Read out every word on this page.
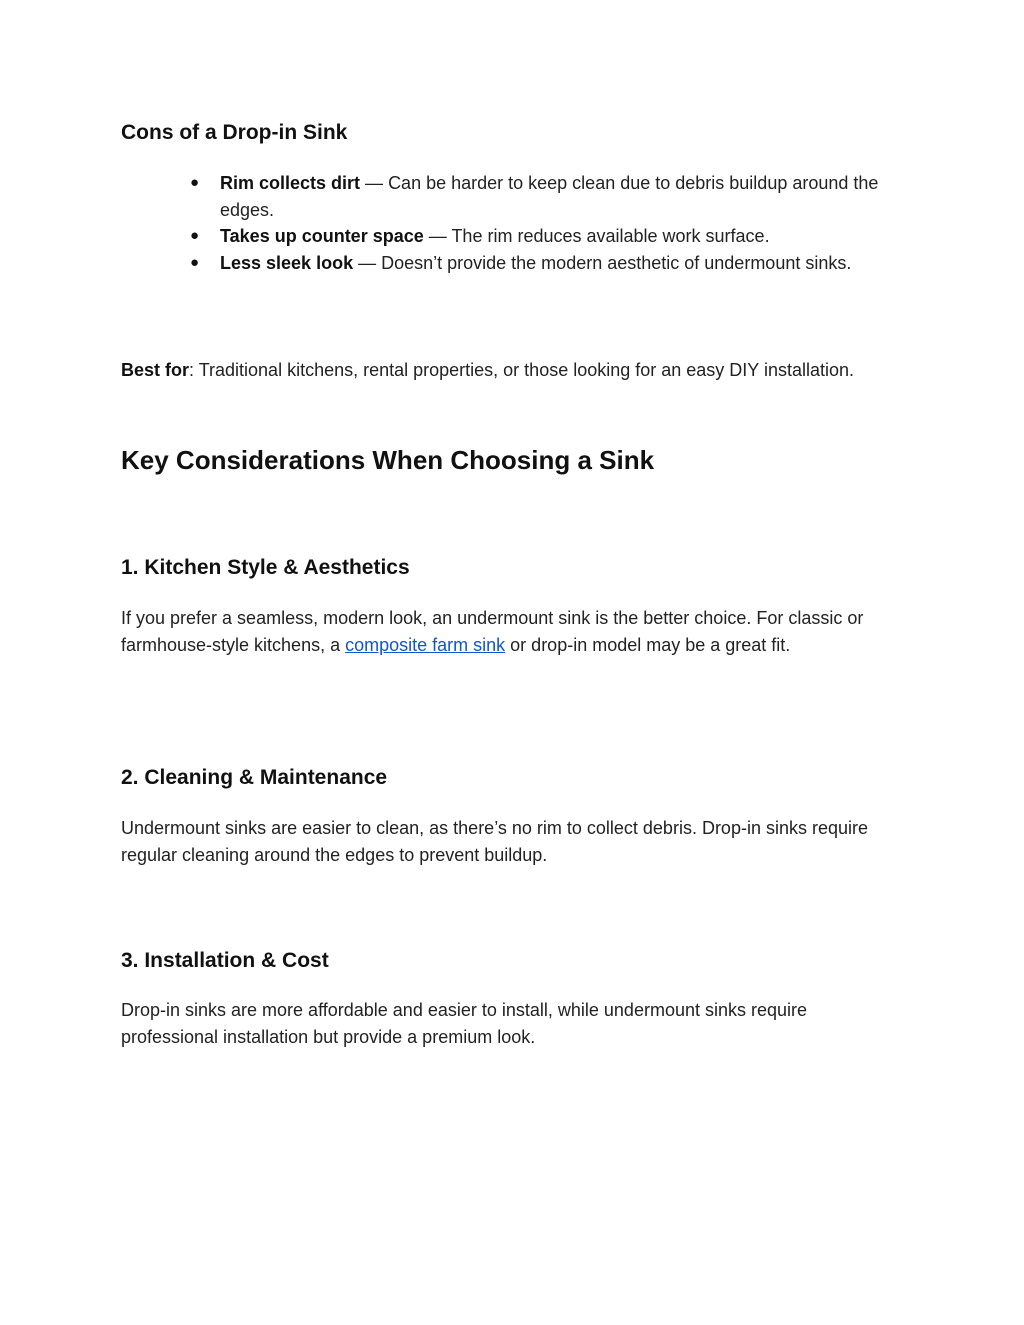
Cons of a Drop-in Sink
● Rim collects dirt — Can be harder to keep clean due to debris buildup around the edges.
● Takes up counter space — The rim reduces available work surface.
● Less sleek look — Doesn’t provide the modern aesthetic of undermount sinks.

Best for: Traditional kitchens, rental properties, or those looking for an easy DIY installation.

Key Considerations When Choosing a Sink
1. Kitchen Style & Aesthetics

If you prefer a seamless, modern look, an undermount sink is the better choice. For classic or farmhouse-style kitchens, a composite farm sink or drop-in model may be a great fit.

2. Cleaning & Maintenance

Undermount sinks are easier to clean, as there’s no rim to collect debris. Drop-in sinks require regular cleaning around the edges to prevent buildup.

3. Installation & Cost

Drop-in sinks are more affordable and easier to install, while undermount sinks require professional installation but provide a premium look.
